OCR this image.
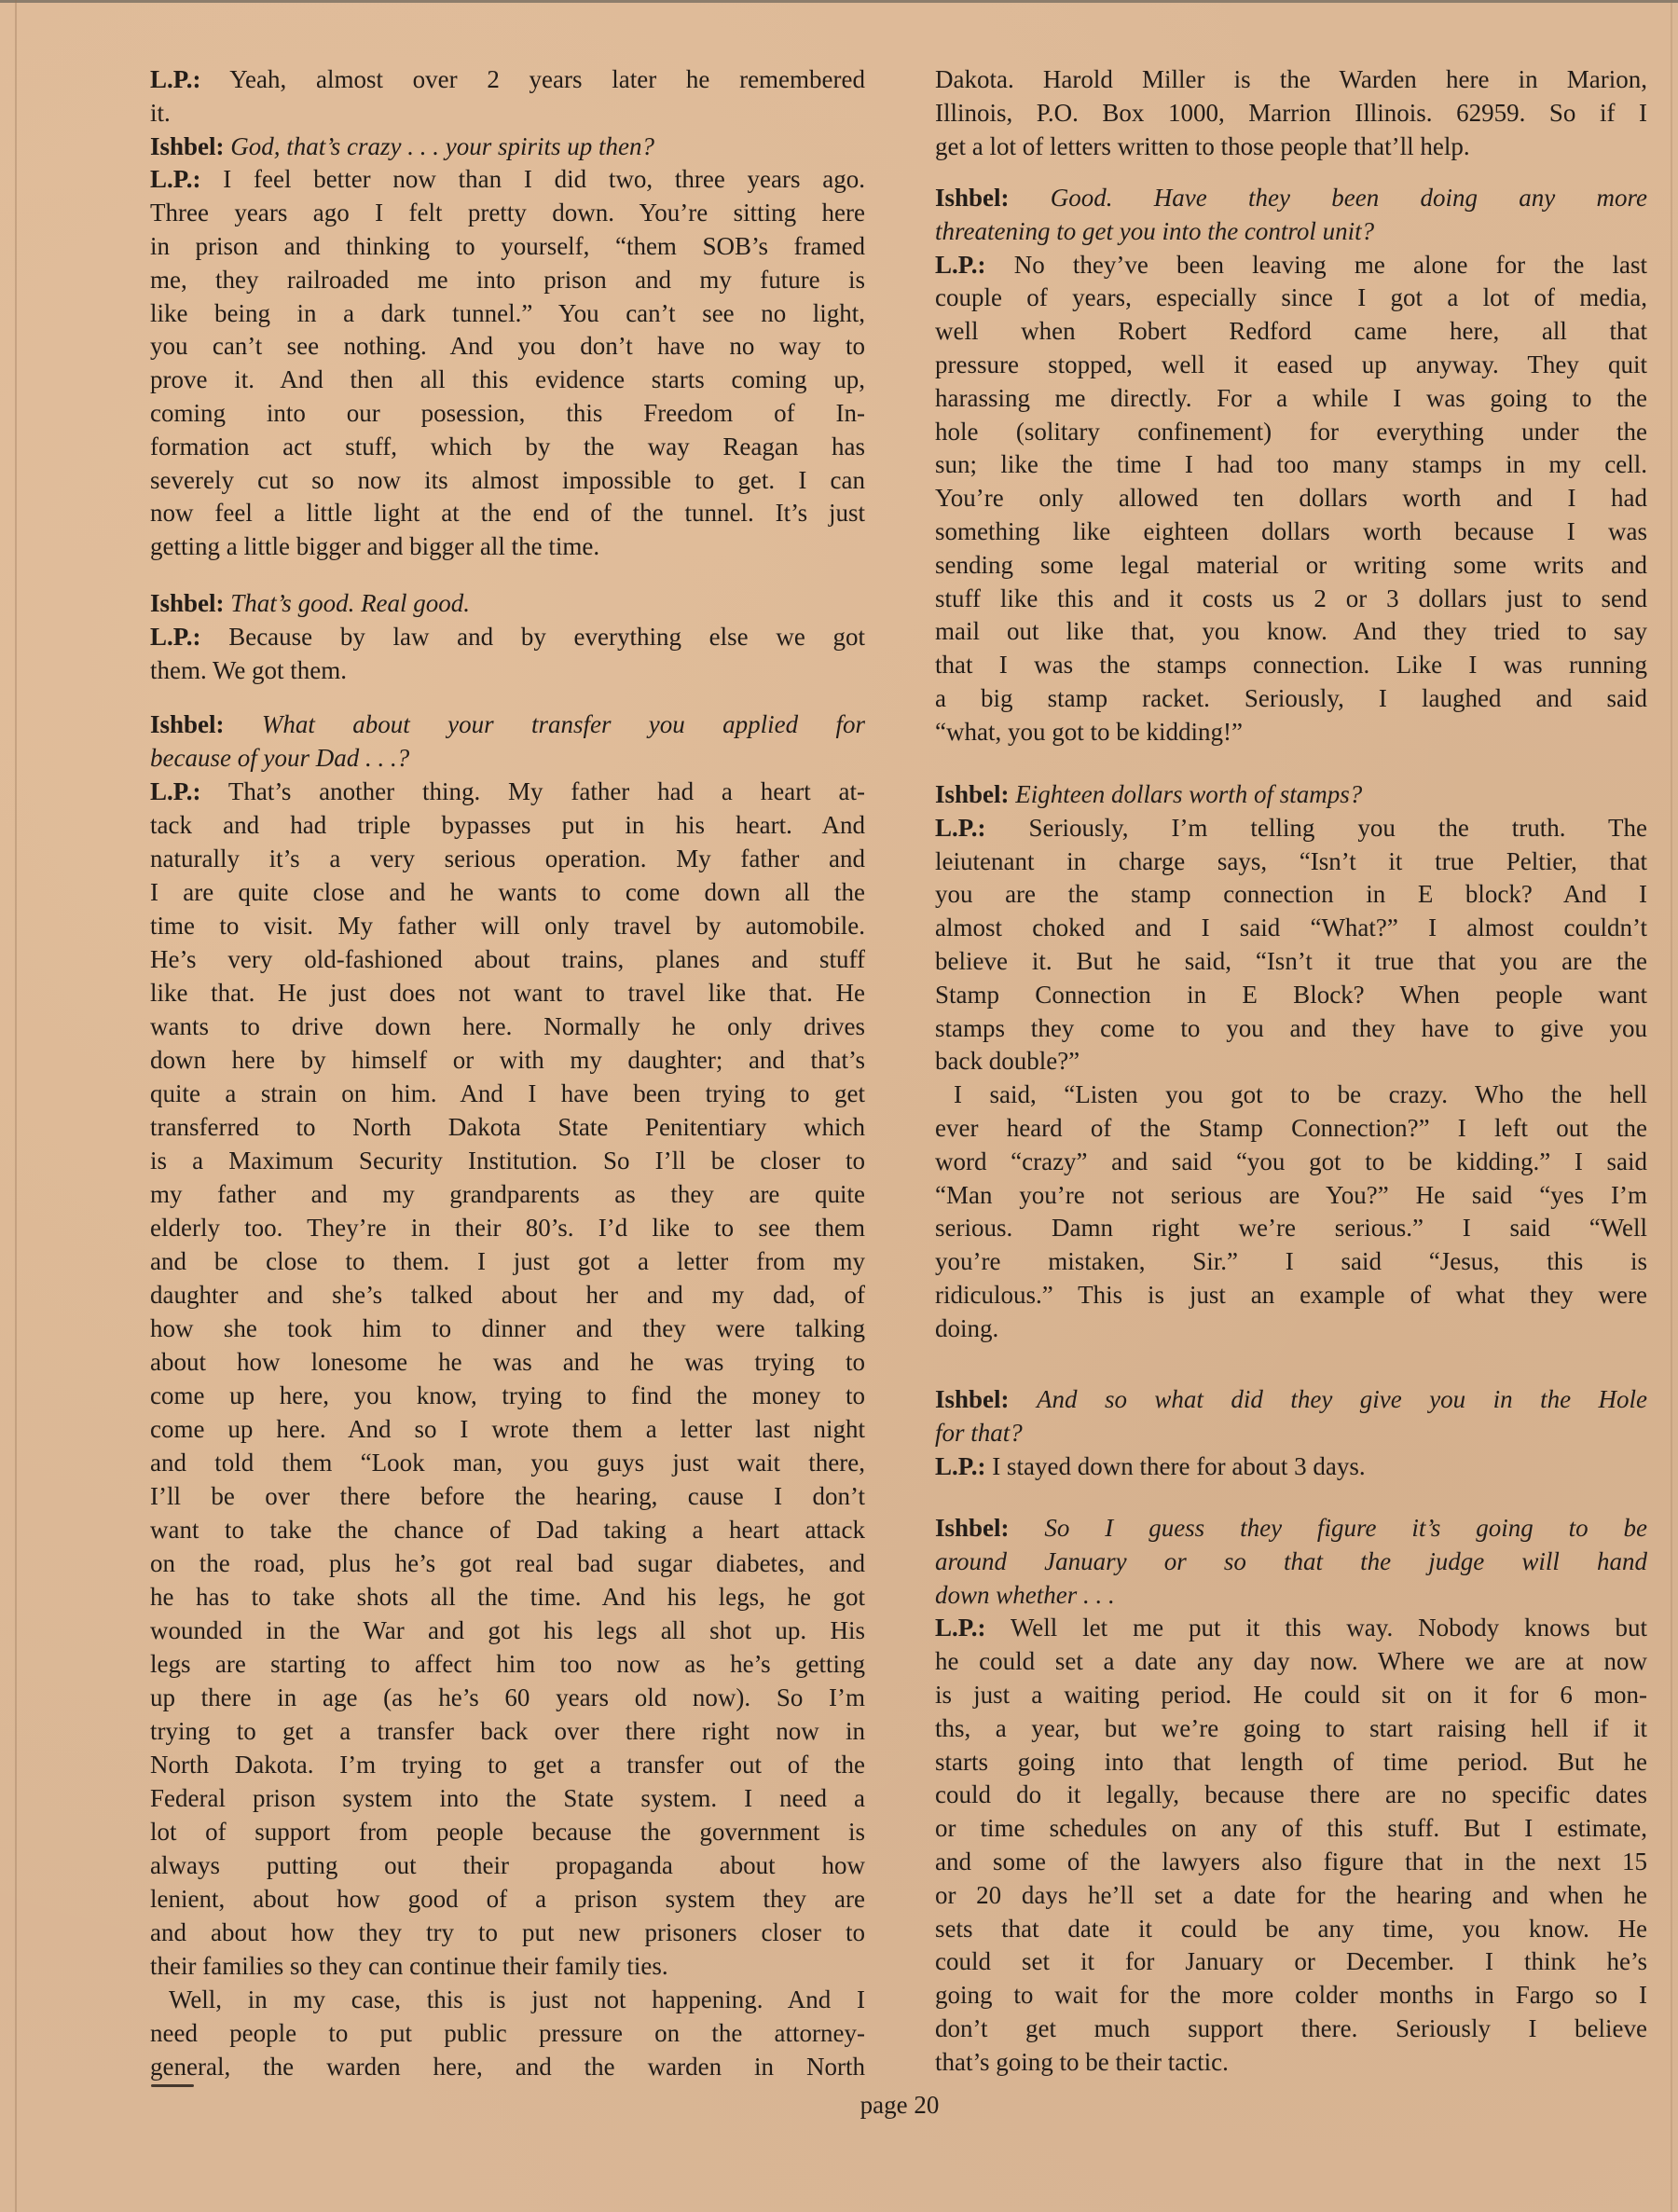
L.P.: Yeah, almost over 2 years later he remembered
it.
Ishbel: God, that’s crazy . . . your spirits up then?
L.P.: I feel better now than I did two, three years ago.
Three years ago I felt pretty down. You’re sitting here
in prison and thinking to yourself, “them SOB’s framed
me, they railroaded me into prison and my future is
like being in a dark tunnel.” You can’t see no light,
you can’t see nothing. And you don’t have no way to
prove it. And then all this evidence starts coming up,
coming into our posession, this Freedom of In-
formation act stuff, which by the way Reagan has
severely cut so now its almost impossible to get. I can
now feel a little light at the end of the tunnel. It’s just
getting a little bigger and bigger all the time.
Ishbel: That’s good. Real good.
L.P.: Because by law and by everything else we got
them. We got them.
Ishbel: What about your transfer you applied for
because of your Dad . . .?
L.P.: That’s another thing. My father had a heart at-
tack and had triple bypasses put in his heart. And
naturally it’s a very serious operation. My father and
I are quite close and he wants to come down all the
time to visit. My father will only travel by automobile.
He’s very old-fashioned about trains, planes and stuff
like that. He just does not want to travel like that. He
wants to drive down here. Normally he only drives
down here by himself or with my daughter; and that’s
quite a strain on him. And I have been trying to get
transferred to North Dakota State Penitentiary which
is a Maximum Security Institution. So I’ll be closer to
my father and my grandparents as they are quite
elderly too. They’re in their 80’s. I’d like to see them
and be close to them. I just got a letter from my
daughter and she’s talked about her and my dad, of
how she took him to dinner and they were talking
about how lonesome he was and he was trying to
come up here, you know, trying to find the money to
come up here. And so I wrote them a letter last night
and told them “Look man, you guys just wait there,
I’ll be over there before the hearing, cause I don’t
want to take the chance of Dad taking a heart attack
on the road, plus he’s got real bad sugar diabetes, and
he has to take shots all the time. And his legs, he got
wounded in the War and got his legs all shot up. His
legs are starting to affect him too now as he’s getting
up there in age (as he’s 60 years old now). So I’m
trying to get a transfer back over there right now in
North Dakota. I’m trying to get a transfer out of the
Federal prison system into the State system. I need a
lot of support from people because the government is
always putting out their propaganda about how
lenient, about how good of a prison system they are
and about how they try to put new prisoners closer to
their families so they can continue their family ties.
Well, in my case, this is just not happening. And I
need people to put public pressure on the attorney-
general, the warden here, and the warden in North
Dakota. Harold Miller is the Warden here in Marion,
Illinois, P.O. Box 1000, Marrion Illinois. 62959. So if I
get a lot of letters written to those people that’ll help.
Ishbel: Good. Have they been doing any more
threatening to get you into the control unit?
L.P.: No they’ve been leaving me alone for the last
couple of years, especially since I got a lot of media,
well when Robert Redford came here, all that
pressure stopped, well it eased up anyway. They quit
harassing me directly. For a while I was going to the
hole (solitary confinement) for everything under the
sun; like the time I had too many stamps in my cell.
You’re only allowed ten dollars worth and I had
something like eighteen dollars worth because I was
sending some legal material or writing some writs and
stuff like this and it costs us 2 or 3 dollars just to send
mail out like that, you know. And they tried to say
that I was the stamps connection. Like I was running
a big stamp racket. Seriously, I laughed and said
“what, you got to be kidding!”
Ishbel: Eighteen dollars worth of stamps?
L.P.: Seriously, I’m telling you the truth. The
leiutenant in charge says, “Isn’t it true Peltier, that
you are the stamp connection in E block? And I
almost choked and I said “What?” I almost couldn’t
believe it. But he said, “Isn’t it true that you are the
Stamp Connection in E Block? When people want
stamps they come to you and they have to give you
back double?”
I said, “Listen you got to be crazy. Who the hell
ever heard of the Stamp Connection?” I left out the
word “crazy” and said “you got to be kidding.” I said
“Man you’re not serious are You?” He said “yes I’m
serious. Damn right we’re serious.” I said “Well
you’re mistaken, Sir.” I said “Jesus, this is
ridiculous.” This is just an example of what they were
doing.
Ishbel: And so what did they give you in the Hole
for that?
L.P.: I stayed down there for about 3 days.
Ishbel: So I guess they figure it’s going to be
around January or so that the judge will hand
down whether . . .
L.P.: Well let me put it this way. Nobody knows but
he could set a date any day now. Where we are at now
is just a waiting period. He could sit on it for 6 mon-
ths, a year, but we’re going to start raising hell if it
starts going into that length of time period. But he
could do it legally, because there are no specific dates
or time schedules on any of this stuff. But I estimate,
and some of the lawyers also figure that in the next 15
or 20 days he’ll set a date for the hearing and when he
sets that date it could be any time, you know. He
could set it for January or December. I think he’s
going to wait for the more colder months in Fargo so I
don’t get much support there. Seriously I believe
that’s going to be their tactic.
page 20
